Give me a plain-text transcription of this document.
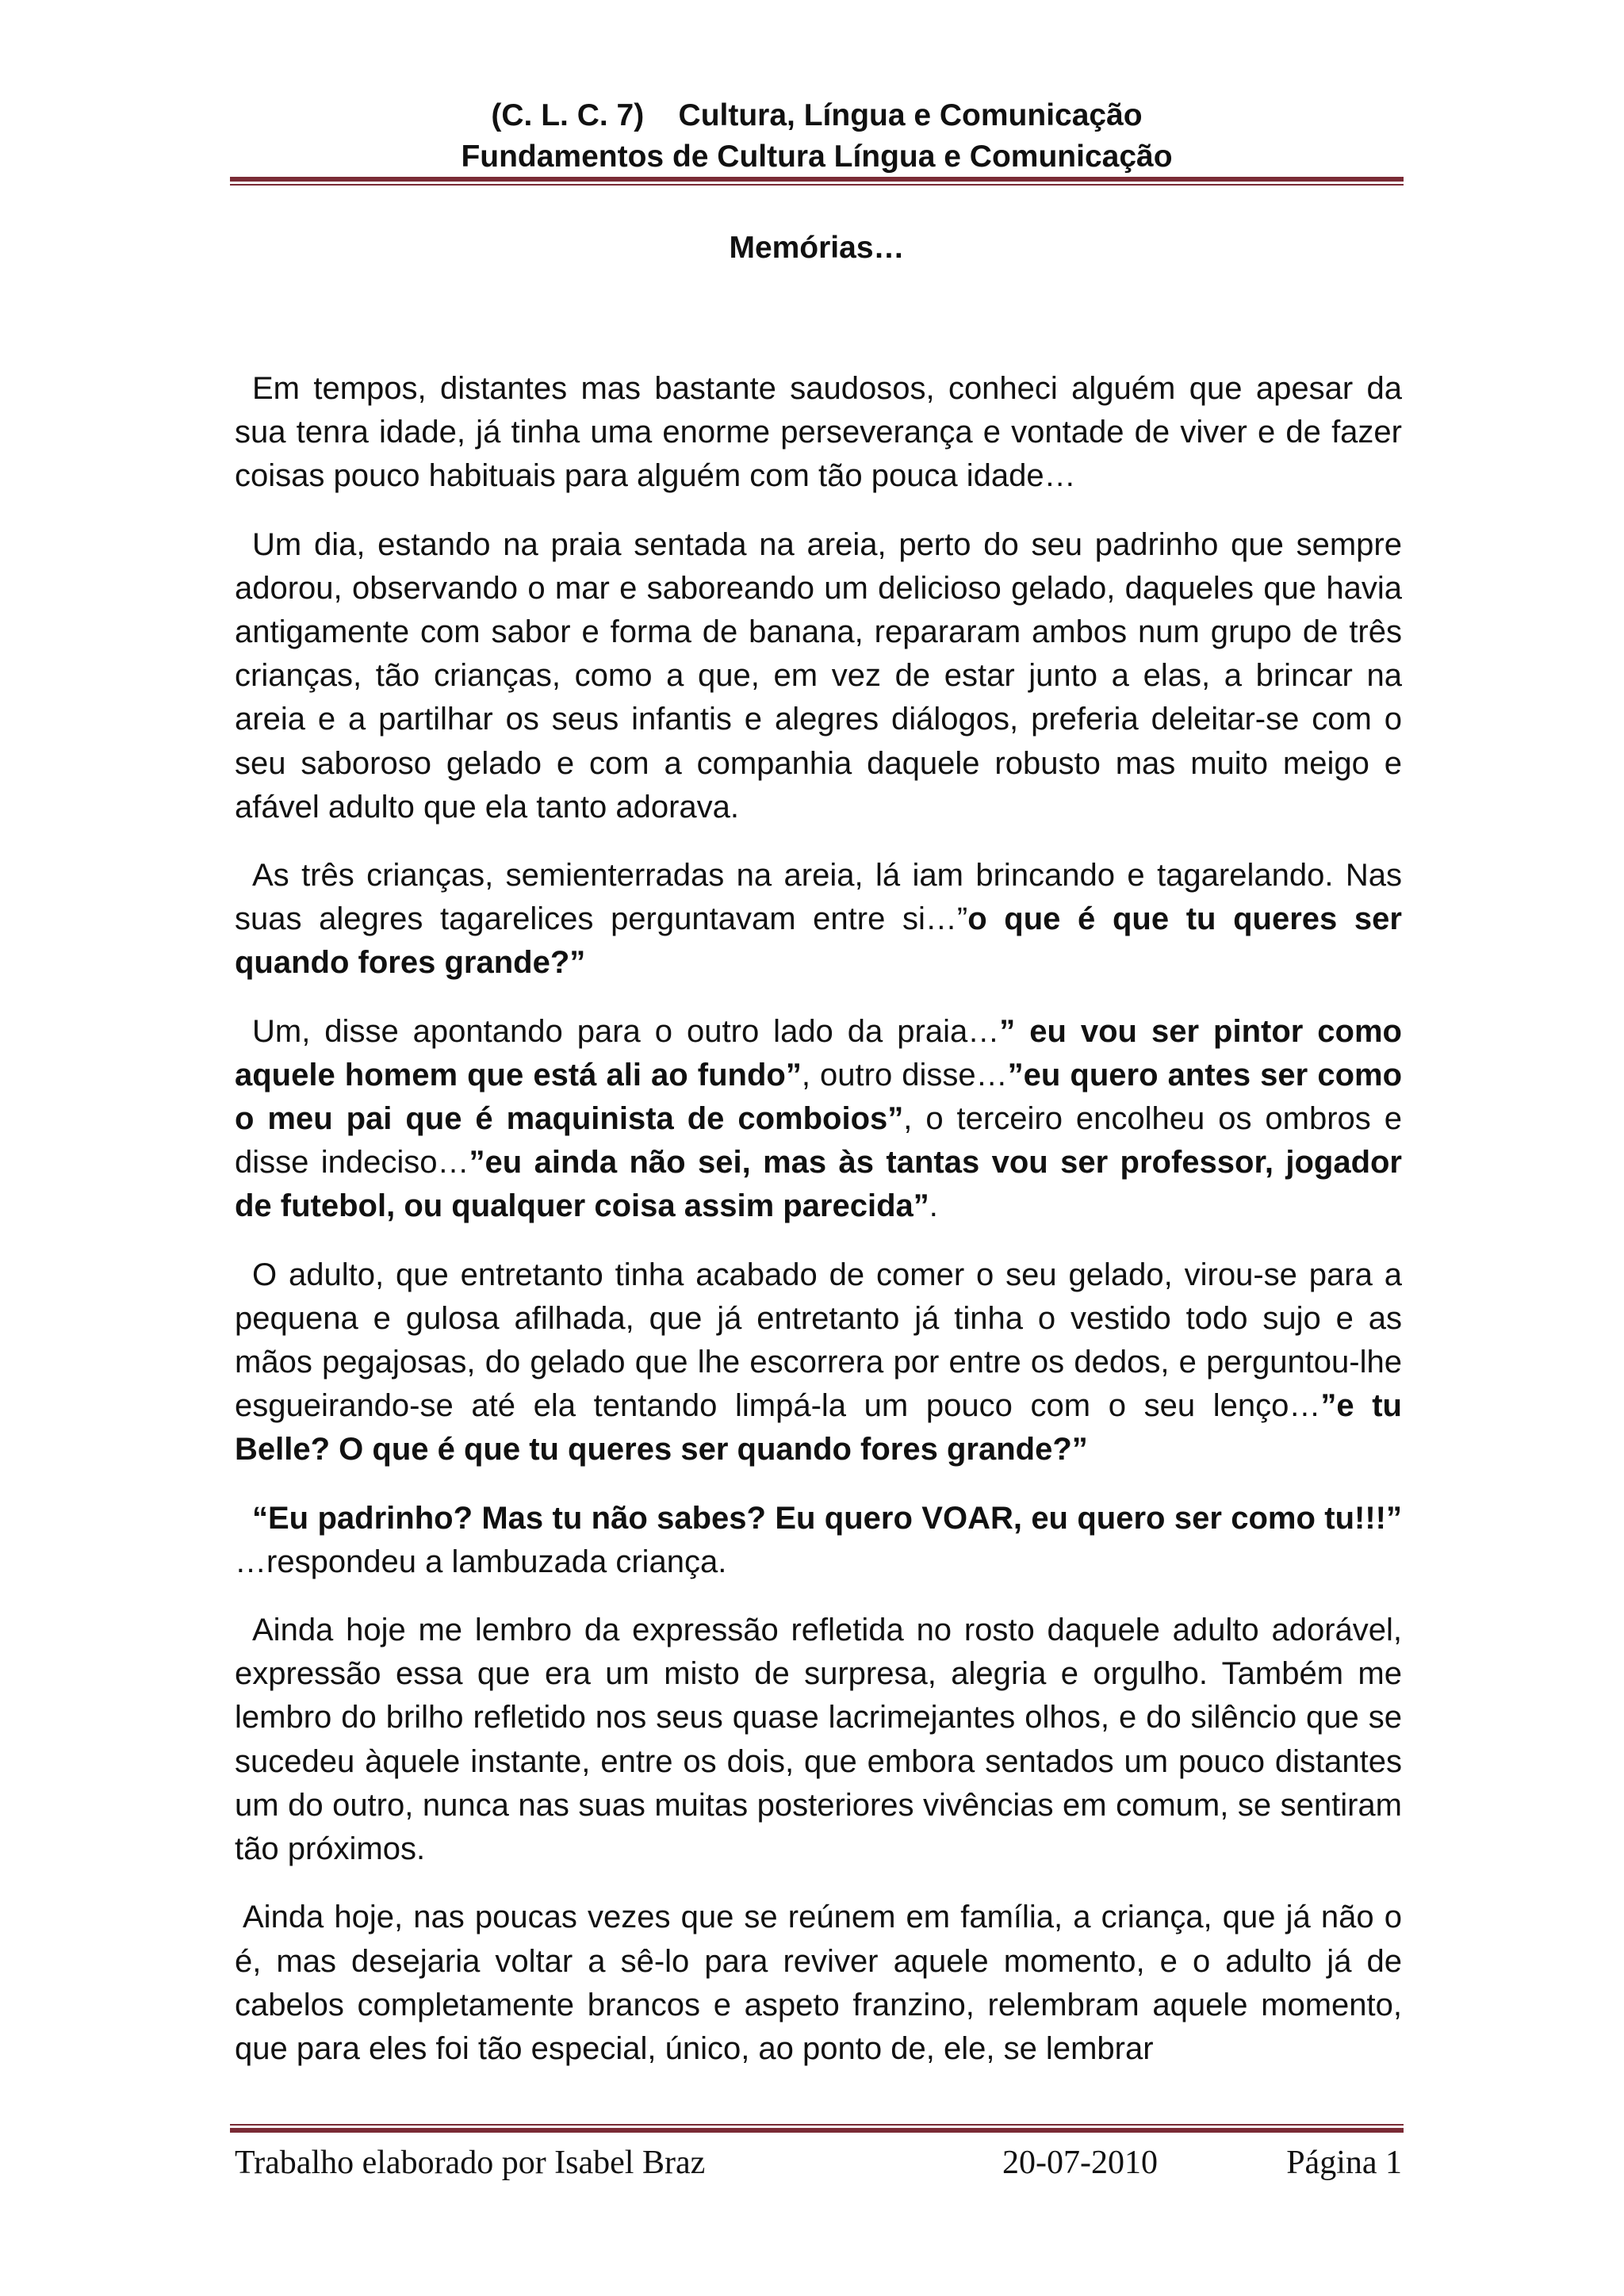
(C. L. C. 7)    Cultura, Língua e Comunicação

Fundamentos de Cultura Língua e Comunicação

Memórias…

Em tempos, distantes mas bastante saudosos, conheci alguém que apesar da sua tenra idade, já tinha uma enorme perseverança e vontade de viver e de fazer coisas pouco habituais para alguém com tão pouca idade…

Um dia, estando na praia sentada na areia, perto do seu padrinho que sempre adorou, observando o mar e saboreando um delicioso gelado, daqueles que havia antigamente com sabor e forma de banana, repararam ambos num grupo de três crianças, tão crianças, como a que, em vez de estar junto a elas, a brincar na areia e a partilhar os seus infantis e alegres diálogos, preferia deleitar-se com o seu saboroso gelado e com a companhia daquele robusto mas muito meigo e afável adulto que ela tanto adorava.

As três crianças, semienterradas na areia, lá iam brincando e tagarelando. Nas suas alegres tagarelices perguntavam entre si…”o que é que tu queres ser quando fores grande?”

Um, disse apontando para o outro lado da praia…” eu vou ser pintor como aquele homem que está ali ao fundo”, outro disse…”eu quero antes ser como o meu pai que é maquinista de comboios”, o terceiro encolheu os ombros e disse indeciso…”eu ainda não sei, mas às tantas vou ser professor, jogador de futebol, ou qualquer coisa assim parecida”.

O adulto, que entretanto tinha acabado de comer o seu gelado, virou-se para a pequena e gulosa afilhada, que já entretanto já tinha o vestido todo sujo e as mãos pegajosas, do gelado que lhe escorrera por entre os dedos, e perguntou-lhe esgueirando-se até ela tentando limpá-la um pouco com o seu lenço…”e tu Belle? O que é que tu queres ser quando fores grande?”

“Eu padrinho? Mas tu não sabes? Eu quero VOAR, eu quero ser como tu!!!” …respondeu a lambuzada criança.

Ainda hoje me lembro da expressão refletida no rosto daquele adulto adorável, expressão essa que era um misto de surpresa, alegria e orgulho. Também me lembro do brilho refletido nos seus quase lacrimejantes olhos, e do silêncio que se sucedeu àquele instante, entre os dois, que embora sentados um pouco distantes um do outro, nunca nas suas muitas posteriores vivências em comum, se sentiram tão próximos.

Ainda hoje, nas poucas vezes que se reúnem em família, a criança, que já não o é, mas desejaria voltar a sê-lo para reviver aquele momento, e o adulto já de cabelos completamente brancos e aspeto franzino, relembram aquele momento, que para eles foi tão especial, único, ao ponto de, ele, se lembrar

Trabalho elaborado por Isabel Braz	20-07-2010	Página 1
